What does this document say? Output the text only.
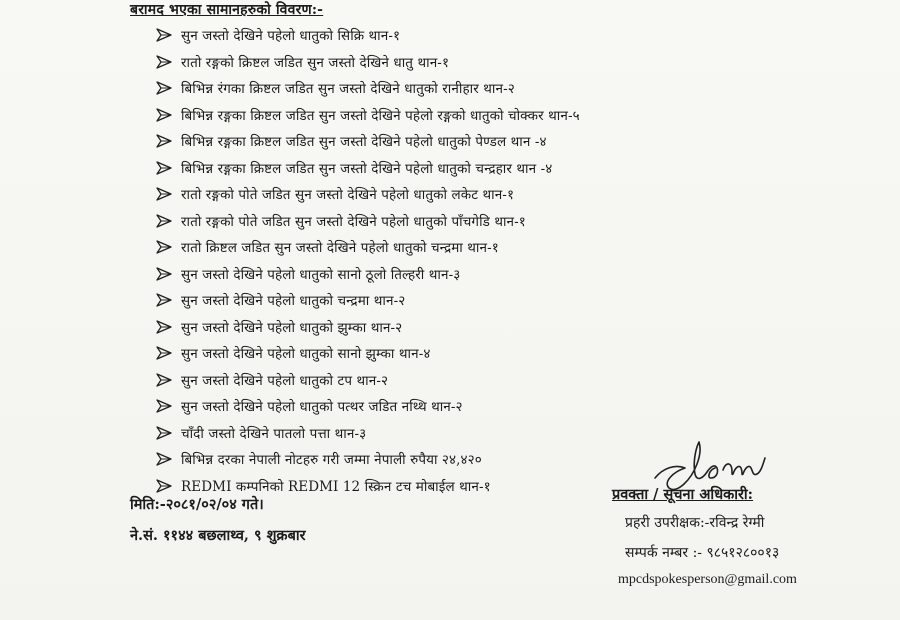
बरामद भएका सामानहरुको विवरण:-
सुन जस्तो देखिने पहेलो धातुको सिक्रि थान-१
रातो रङ्गको क्रिष्टल जडित सुन जस्तो देखिने धातु थान-१
बिभिन्न रंगका क्रिष्टल जडित सुन जस्तो देखिने धातुको रानीहार थान-२
बिभिन्न रङ्गका क्रिष्टल जडित सुन जस्तो देखिने पहेलो रङ्गको धातुको चोक्कर थान-५
बिभिन्न रङ्गका क्रिष्टल जडित सुन जस्तो देखिने पहेलो धातुको पेण्डल थान -४
बिभिन्न रङ्गका क्रिष्टल जडित सुन जस्तो देखिने पहेलो धातुको चन्द्रहार थान -४
रातो रङ्गको पोते जडित सुन जस्तो देखिने पहेलो धातुको लकेट थान-१
रातो रङ्गको पोते जडित सुन जस्तो देखिने पहेलो धातुको पाँचगेडि थान-१
रातो क्रिष्टल जडित सुन जस्तो देखिने पहेलो धातुको चन्द्रमा थान-१
सुन जस्तो देखिने पहेलो धातुको सानो ठूलो तिल्हरी थान-३
सुन जस्तो देखिने पहेलो धातुको चन्द्रमा थान-२
सुन जस्तो देखिने पहेलो धातुको झुम्का थान-२
सुन जस्तो देखिने पहेलो धातुको सानो झुम्का थान-४
सुन जस्तो देखिने पहेलो धातुको टप थान-२
सुन जस्तो देखिने पहेलो धातुको पत्थर जडित नथ्थि थान-२
चाँदी जस्तो देखिने पातलो पत्ता थान-३
बिभिन्न दरका नेपाली नोटहरु गरी जम्मा नेपाली रुपैया २४,४२०
REDMI कम्पनिको REDMI 12 स्क्रिन टच मोबाईल थान-१
मिति:-२०८१/०२/०४ गते।
ने.सं. ११४४ बछलाथ्व, ९ शुक्रबार
प्रवक्ता / सूचना अधिकारी:
प्रहरी उपरीक्षक:-रविन्द्र रेग्मी
सम्पर्क नम्बर :- ९८५१२८००१३
mpcdspokesperson@gmail.com
